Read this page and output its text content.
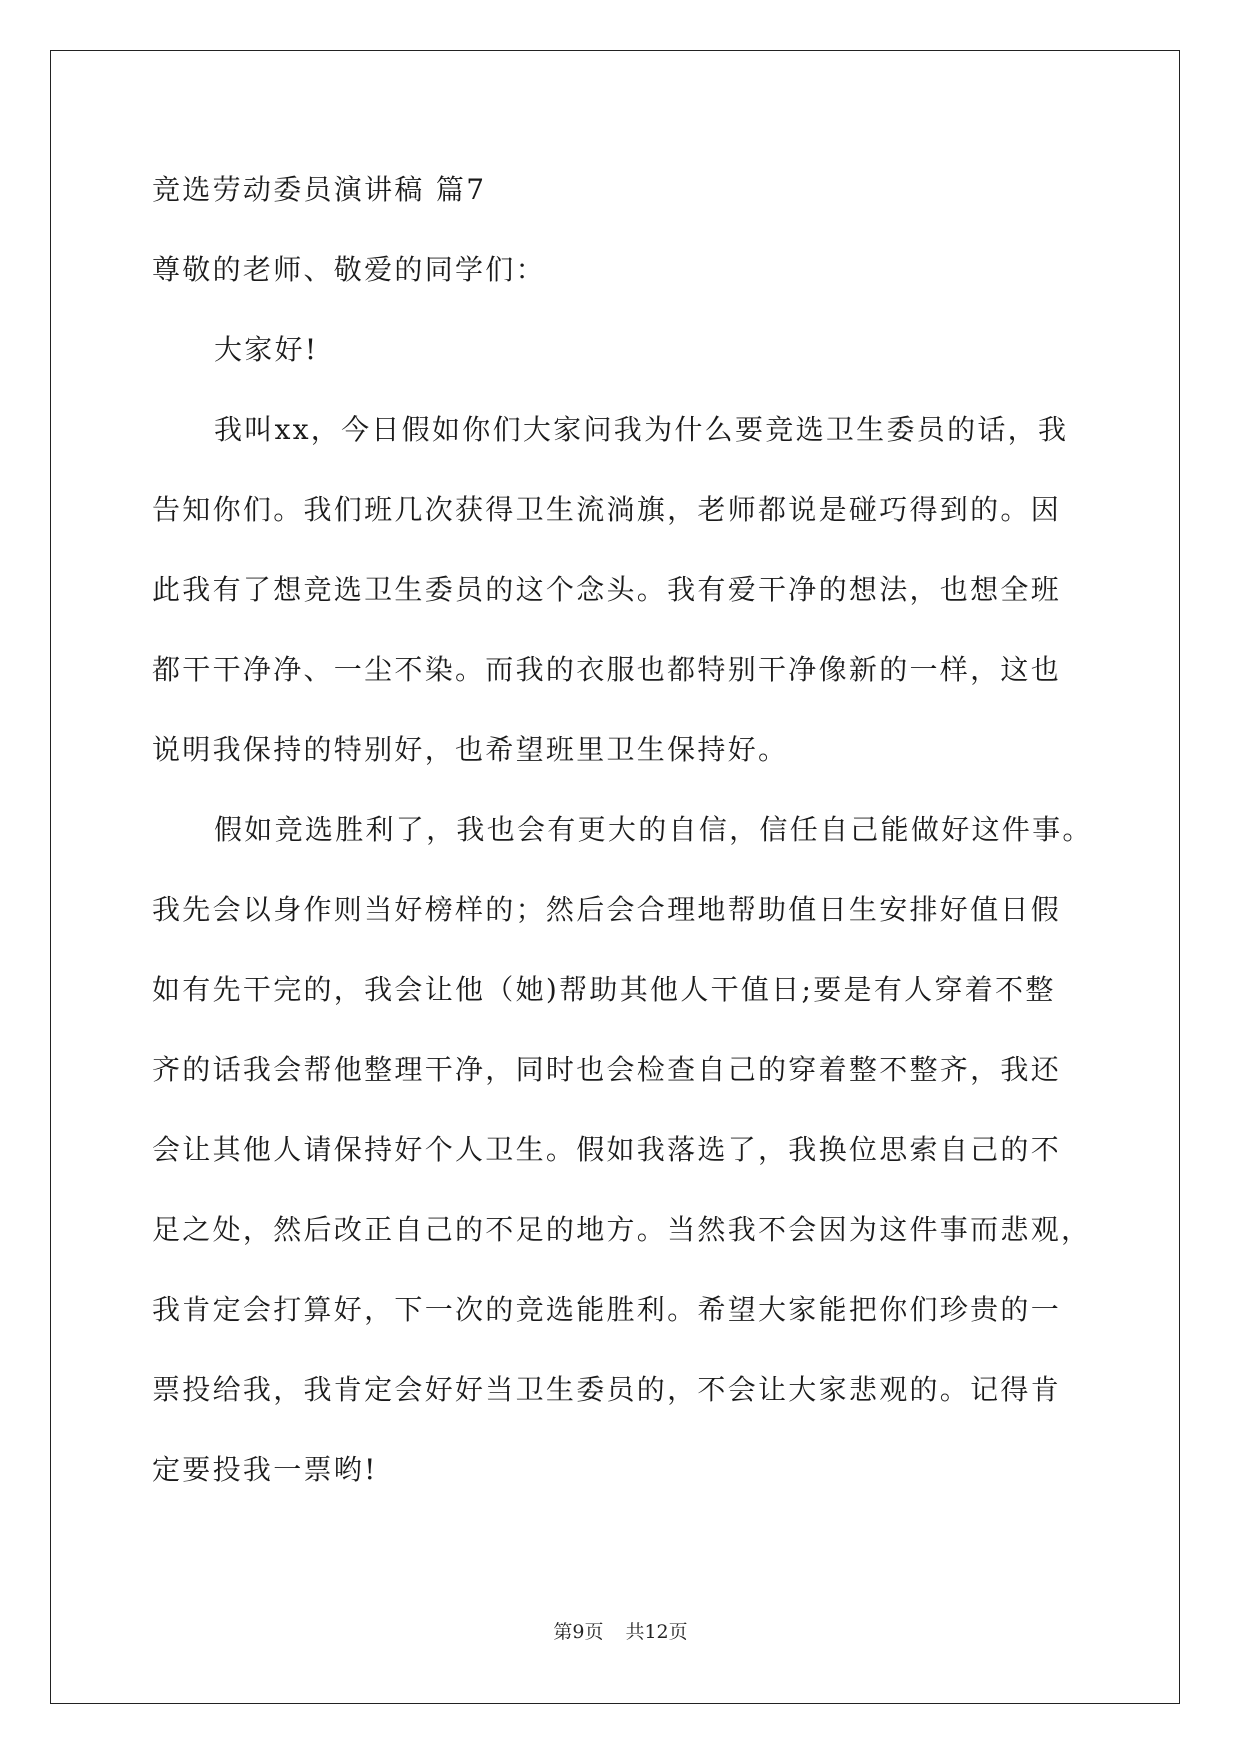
竞选劳动委员演讲稿 篇7
尊敬的老师、敬爱的同学们：
大家好!
我叫xx，今日假如你们大家问我为什么要竞选卫生委员的话，我
告知你们。我们班几次获得卫生流淌旗，老师都说是碰巧得到的。因
此我有了想竞选卫生委员的这个念头。我有爱干净的想法，也想全班
都干干净净、一尘不染。而我的衣服也都特别干净像新的一样，这也
说明我保持的特别好，也希望班里卫生保持好。
假如竞选胜利了，我也会有更大的自信，信任自己能做好这件事。
我先会以身作则当好榜样的；然后会合理地帮助值日生安排好值日假
如有先干完的，我会让他（她)帮助其他人干值日;要是有人穿着不整
齐的话我会帮他整理干净，同时也会检查自己的穿着整不整齐，我还
会让其他人请保持好个人卫生。假如我落选了，我换位思索自己的不
足之处，然后改正自己的不足的地方。当然我不会因为这件事而悲观，
我肯定会打算好，下一次的竞选能胜利。希望大家能把你们珍贵的一
票投给我，我肯定会好好当卫生委员的，不会让大家悲观的。记得肯
定要投我一票哟!
第9页 共12页
